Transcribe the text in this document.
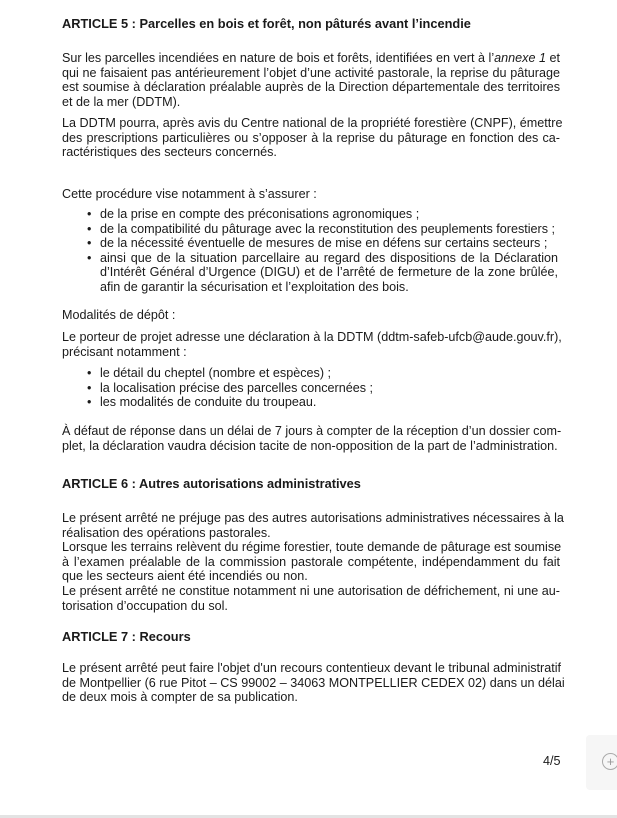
ARTICLE 5 : Parcelles en bois et forêt, non pâturés avant l’incendie
Sur les parcelles incendiées en nature de bois et forêts, identifiées en vert à l’annexe 1 et
qui ne faisaient pas antérieurement l’objet d’une activité pastorale, la reprise du pâturage
est soumise à déclaration préalable auprès de la Direction départementale des territoires
et de la mer (DDTM).
La DDTM pourra, après avis du Centre national de la propriété forestière (CNPF), émettre
des prescriptions particulières ou s’opposer à la reprise du pâturage en fonction des ca-
ractéristiques des secteurs concernés.
Cette procédure vise notamment à s’assurer :
• de la prise en compte des préconisations agronomiques ;
• de la compatibilité du pâturage avec la reconstitution des peuplements forestiers ;
• de la nécessité éventuelle de mesures de mise en défens sur certains secteurs ;
• ainsi que de la situation parcellaire au regard des dispositions de la Déclaration
d’Intérêt Général d’Urgence (DIGU) et de l’arrêté de fermeture de la zone brûlée,
afin de garantir la sécurisation et l’exploitation des bois.
Modalités de dépôt :
Le porteur de projet adresse une déclaration à la DDTM (ddtm-safeb-ufcb@aude.gouv.fr),
précisant notamment :
• le détail du cheptel (nombre et espèces) ;
• la localisation précise des parcelles concernées ;
• les modalités de conduite du troupeau.
À défaut de réponse dans un délai de 7 jours à compter de la réception d’un dossier com-
plet, la déclaration vaudra décision tacite de non-opposition de la part de l’administration.
ARTICLE 6 : Autres autorisations administratives
Le présent arrêté ne préjuge pas des autres autorisations administratives nécessaires à la
réalisation des opérations pastorales.
Lorsque les terrains relèvent du régime forestier, toute demande de pâturage est soumise
à l’examen préalable de la commission pastorale compétente, indépendamment du fait
que les secteurs aient été incendiés ou non.
Le présent arrêté ne constitue notamment ni une autorisation de défrichement, ni une au-
torisation d’occupation du sol.
ARTICLE 7 : Recours
Le présent arrêté peut faire l'objet d'un recours contentieux devant le tribunal administratif
de Montpellier (6 rue Pitot – CS 99002 – 34063 MONTPELLIER CEDEX 02) dans un délai
de deux mois à compter de sa publication.
4/5	+
